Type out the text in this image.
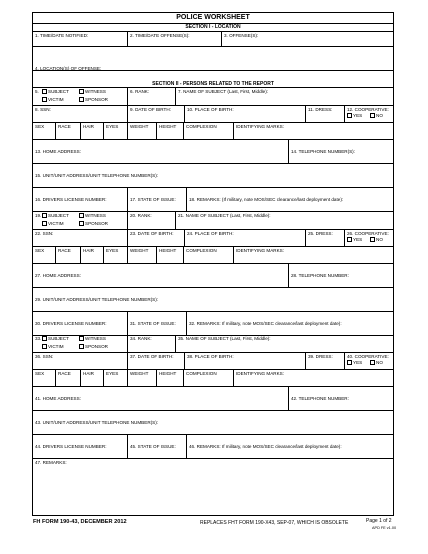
POLICE WORKSHEET
SECTION I - LOCATION
1. TIME/DATE NOTIFIED:	2. TIME/DATE OFFENSE(S):	3. OFFENSE(S):
4. LOCATION(S) OF OFFENSE:
SECTION II - PERSONS RELATED TO THE REPORT
5.	SUBJECT	WITNESS
VICTIM	SPONSOR
6. RANK:	7. NAME OF SUBJECT (Last, First, Middle):
8. SSN:	9. DATE OF BIRTH:	10. PLACE OF BIRTH:	11. DRESS:	12. COOPERATIVE:
YES	NO
SEX	RACE	HAIR	EYES	WEIGHT	HEIGHT	COMPLEXION	IDENTIFYING MARKS:
13. HOME ADDRESS:	14. TELEPHONE NUMBER(S):
15. UNIT/UNIT ADDRESS/UNIT TELEPHONE NUMBER(S):
16. DRIVERS LICENSE NUMBER:	17. STATE OF ISSUE:	18. REMARKS: (If military, note MOS/SEC clearance/last deployment date):
19.	SUBJECT	WITNESS
VICTIM	SPONSOR
20. RANK:	21. NAME OF SUBJECT (Last, First, Middle):
22. SSN:	23. DATE OF BIRTH:	24. PLACE OF BIRTH:	25. DRESS:	26. COOPERATIVE:
YES	NO
SEX	RACE	HAIR	EYES	WEIGHT	HEIGHT	COMPLEXION	IDENTIFYING MARKS:
27. HOME ADDRESS:	28. TELEPHONE NUMBER:
29. UNIT/UNIT ADDRESS/UNIT TELEPHONE NUMBER(S):
30. DRIVERS LICENSE NUMBER:	31. STATE OF ISSUE:	32. REMARKS: If military, note MOS/SEC clearance/last deployment date):
33.	SUBJECT	WITNESS
VICTIM	SPONSOR
34. RANK:	35. NAME OF SUBJECT (Last, First, Middle):
36. SSN:	37. DATE OF BIRTH:	38. PLACE OF BIRTH:	39. DRESS:	40. COOPERATIVE:
YES	NO
SEX	RACE	HAIR	EYES	WEIGHT	HEIGHT	COMPLEXION	IDENTIFYING MARKS:
41. HOME ADDRESS:	42. TELEPHONE NUMBER:
43. UNIT/UNIT ADDRESS/UNIT TELEPHONE NUMBER(S):
44. DRIVERS LICENSE NUMBER:	45. STATE OF ISSUE:	46. REMARKS: If military, note MOS/SEC clearance/last deployment date):
47. REMARKS:
FH FORM 190-43, DECEMBER 2012	REPLACES FHT FORM 190-X43, SEP-07, WHICH IS OBSOLETE	Page 1 of 2
APD FE v1.00
